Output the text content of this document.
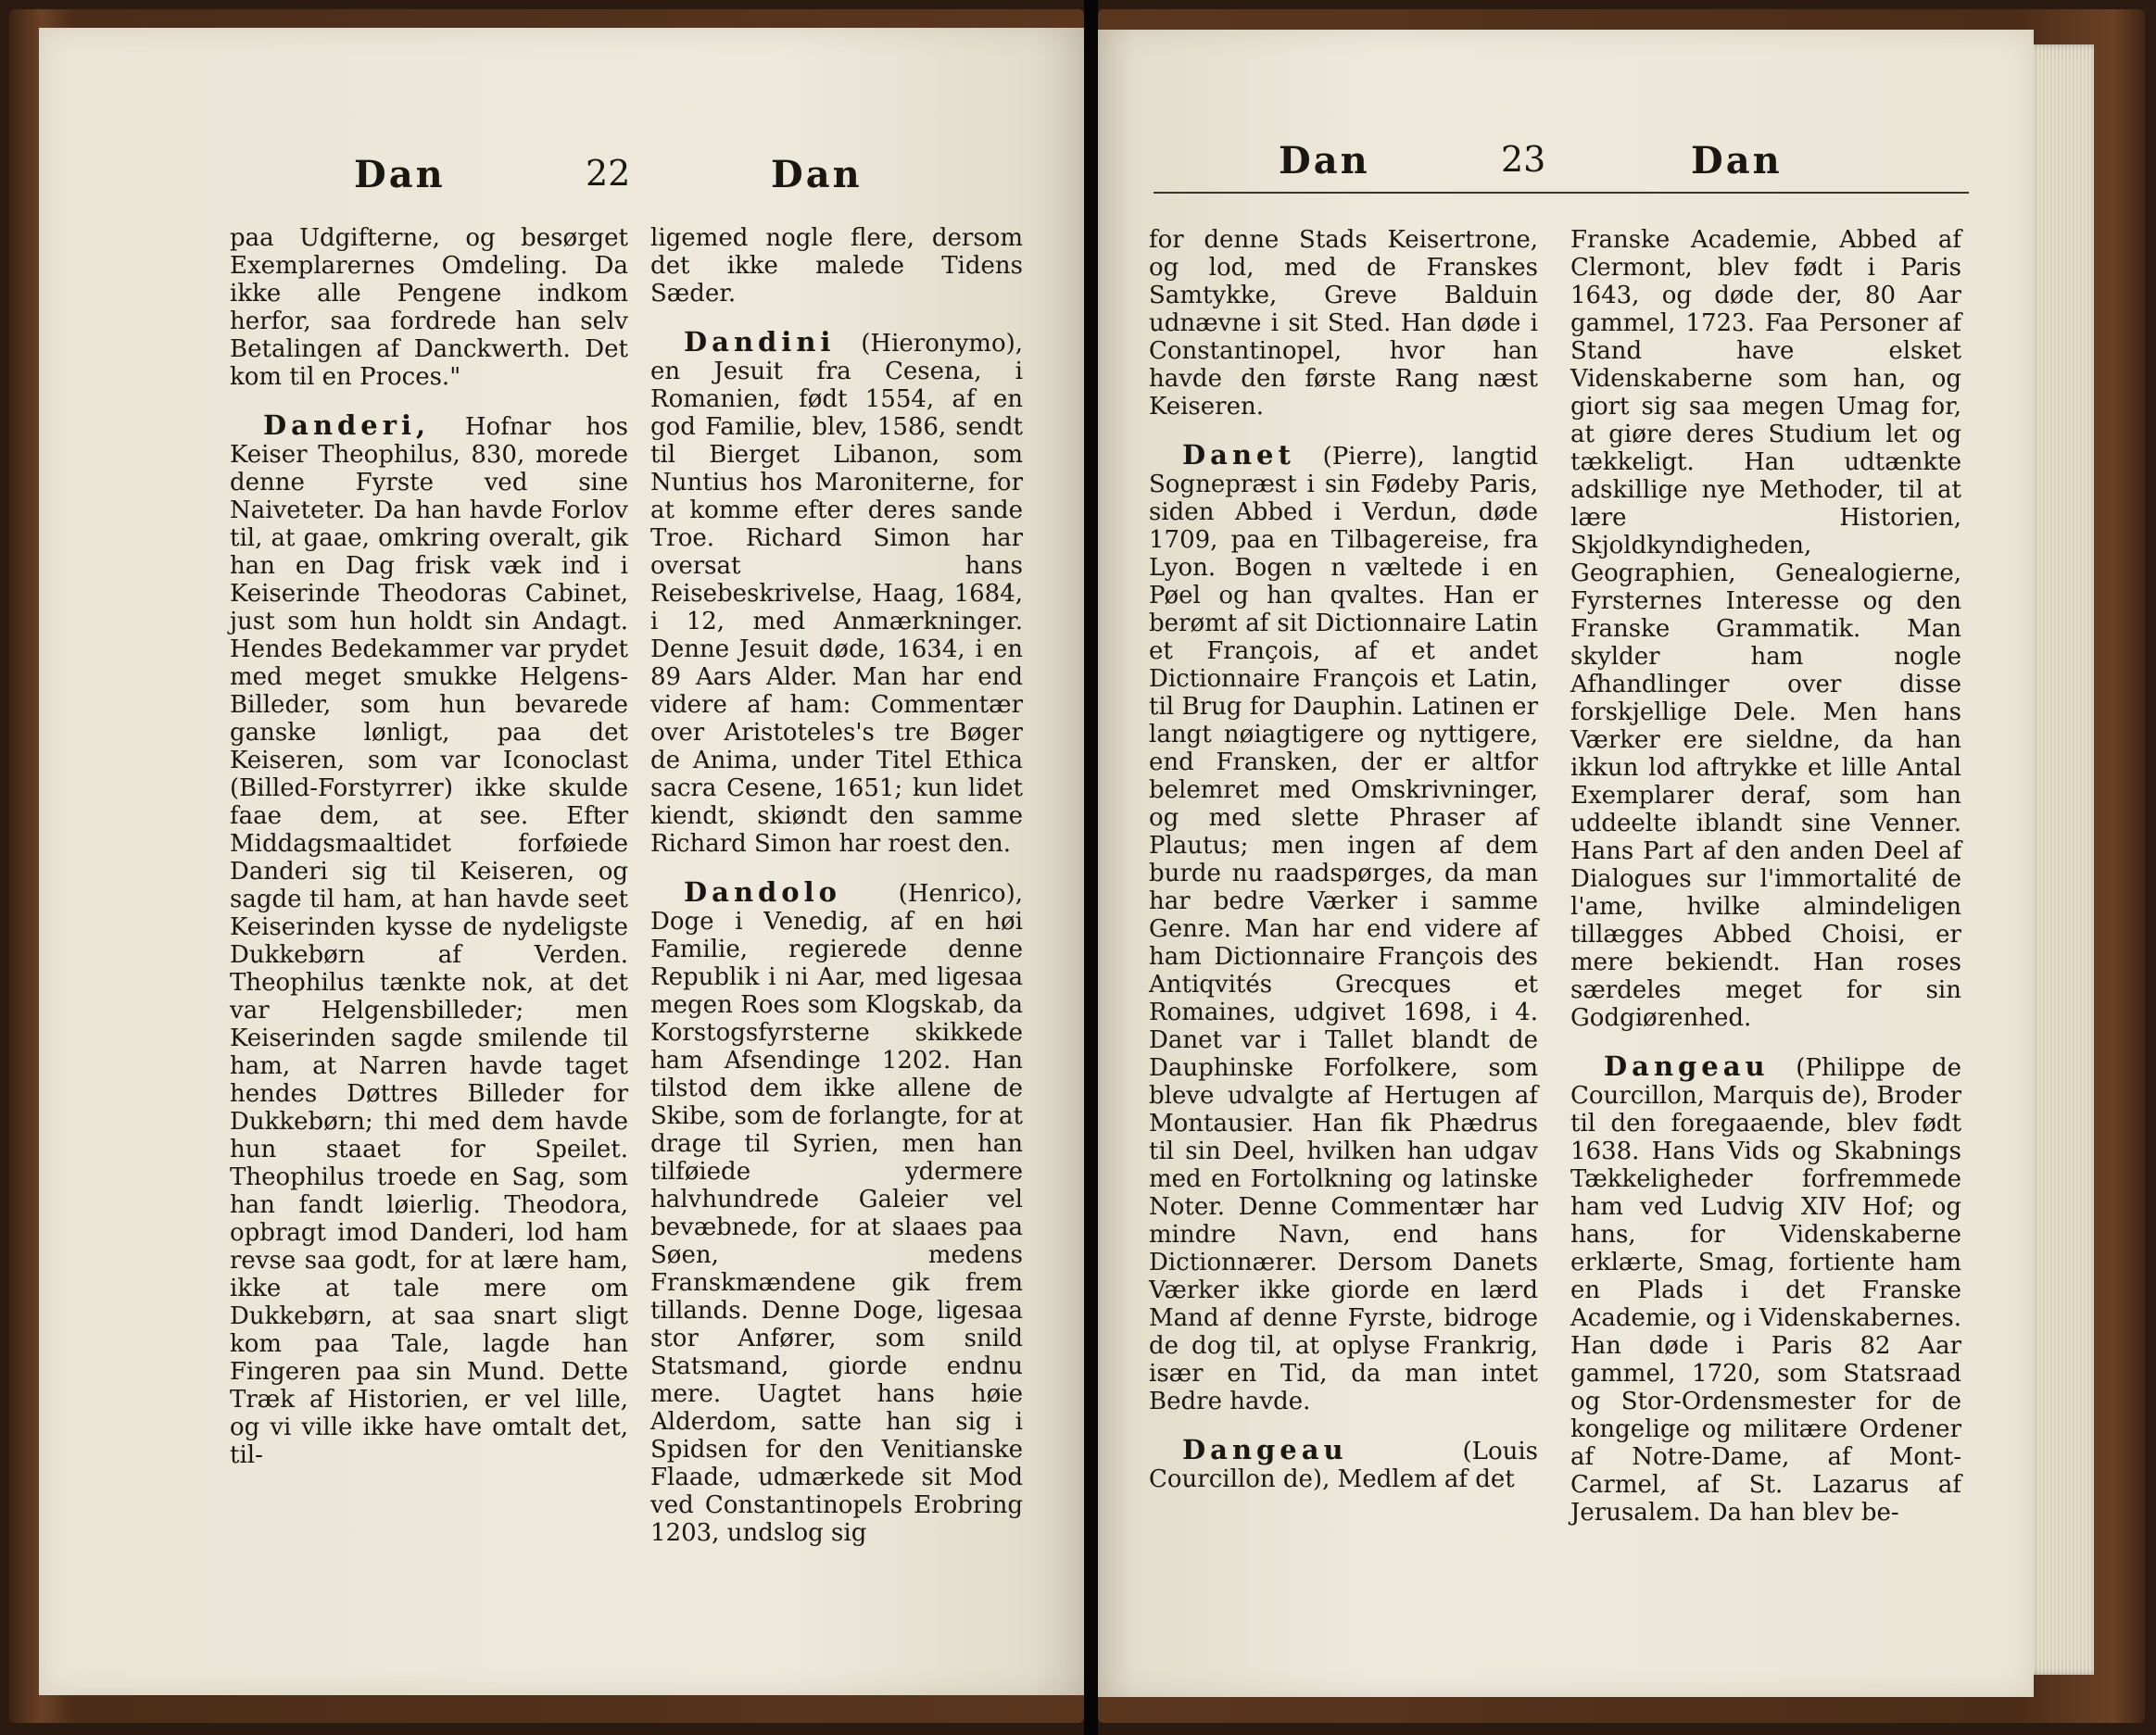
Dan	22	Dan

paa Udgifterne, og besørget Exemplarernes Omdeling. Da ikke alle Pengene indkom herfor, saa fordrede han selv Betalingen af Danckwerth. Det kom til en Proces."

Danderi, Hofnar hos Keiser Theophilus, 830, morede denne Fyrste ved sine Naiveteter. Da han havde Forlov til, at gaae, omkring overalt, gik han en Dag frisk væk ind i Keiserinde Theodoras Cabinet, just som hun holdt sin Andagt. Hendes Bedekammer var prydet med meget smukke Helgens-Billeder, som hun bevarede ganske lønligt, paa det Keiseren, som var Iconoclast (Billed-Forstyrrer) ikke skulde faae dem, at see. Efter Middagsmaaltidet forføiede Danderi sig til Keiseren, og sagde til ham, at han havde seet Keiserinden kysse de nydeligste Dukkebørn af Verden. Theophilus tænkte nok, at det var Helgensbilleder; men Keiserinden sagde smilende til ham, at Narren havde taget hendes Døttres Billeder for Dukkebørn; thi med dem havde hun staaet for Speilet. Theophilus troede en Sag, som han fandt løierlig. Theodora, opbragt imod Danderi, lod ham revse saa godt, for at lære ham, ikke at tale mere om Dukkebørn, at saa snart sligt kom paa Tale, lagde han Fingeren paa sin Mund. Dette Træk af Historien, er vel lille, og vi ville ikke have omtalt det, til-

ligemed nogle flere, dersom det ikke malede Tidens Sæder.

Dandini (Hieronymo), en Jesuit fra Cesena, i Romanien, født 1554, af en god Familie, blev, 1586, sendt til Bierget Libanon, som Nuntius hos Maroniterne, for at komme efter deres sande Troe. Richard Simon har oversat hans Reisebeskrivelse, Haag, 1684, i 12, med Anmærkninger. Denne Jesuit døde, 1634, i en 89 Aars Alder. Man har end videre af ham: Commentær over Aristoteles's tre Bøger de Anima, under Titel Ethica sacra Cesene, 1651; kun lidet kiendt, skiøndt den samme Richard Simon har roest den.

Dandolo (Henrico), Doge i Venedig, af en høi Familie, regierede denne Republik i ni Aar, med ligesaa megen Roes som Klogskab, da Korstogsfyrsterne skikkede ham Afsendinge 1202. Han tilstod dem ikke allene de Skibe, som de forlangte, for at drage til Syrien, men han tilføiede ydermere halvhundrede Galeier vel bevæbnede, for at slaaes paa Søen, medens Franskmændene gik frem tillands. Denne Doge, ligesaa stor Anfører, som snild Statsmand, giorde endnu mere. Uagtet hans høie Alderdom, satte han sig i Spidsen for den Venitianske Flaade, udmærkede sit Mod ved Constantinopels Erobring 1203, undslog sig

Dan	23	Dan

for denne Stads Keisertrone, og lod, med de Franskes Samtykke, Greve Balduin udnævne i sit Sted. Han døde i Constantinopel, hvor han havde den første Rang næst Keiseren.

Danet (Pierre), langtid Sognepræst i sin Fødeby Paris, siden Abbed i Verdun, døde 1709, paa en Tilbagereise, fra Lyon. Bogen n væltede i en Pøel og han qvaltes. Han er berømt af sit Dictionnaire Latin et François, af et andet Dictionnaire François et Latin, til Brug for Dauphin. Latinen er langt nøiagtigere og nyttigere, end Fransken, der er altfor belemret med Omskrivninger, og med slette Phraser af Plautus; men ingen af dem burde nu raadspørges, da man har bedre Værker i samme Genre. Man har end videre af ham Dictionnaire François des Antiqvités Grecques et Romaines, udgivet 1698, i 4. Danet var i Tallet blandt de Dauphinske Forfolkere, som bleve udvalgte af Hertugen af Montausier. Han fik Phædrus til sin Deel, hvilken han udgav med en Fortolkning og latinske Noter. Denne Commentær har mindre Navn, end hans Dictionnærer. Dersom Danets Værker ikke giorde en lærd Mand af denne Fyrste, bidroge de dog til, at oplyse Frankrig, især en Tid, da man intet Bedre havde.

Dangeau (Louis Courcillon de), Medlem af det

Franske Academie, Abbed af Clermont, blev født i Paris 1643, og døde der, 80 Aar gammel, 1723. Faa Personer af Stand have elsket Videnskaberne som han, og giort sig saa megen Umag for, at giøre deres Studium let og tækkeligt. Han udtænkte adskillige nye Methoder, til at lære Historien, Skjoldkyndigheden, Geographien, Genealogierne, Fyrsternes Interesse og den Franske Grammatik. Man skylder ham nogle Afhandlinger over disse forskjellige Dele. Men hans Værker ere sieldne, da han ikkun lod aftrykke et lille Antal Exemplarer deraf, som han uddeelte iblandt sine Venner. Hans Part af den anden Deel af Dialogues sur l'immortalité de l'ame, hvilke almindeligen tillægges Abbed Choisi, er mere bekiendt. Han roses særdeles meget for sin Godgiørenhed.

Dangeau (Philippe de Courcillon, Marquis de), Broder til den foregaaende, blev født 1638. Hans Vids og Skabnings Tækkeligheder forfremmede ham ved Ludvig XIV Hof; og hans, for Videnskaberne erklærte, Smag, fortiente ham en Plads i det Franske Academie, og i Videnskabernes. Han døde i Paris 82 Aar gammel, 1720, som Statsraad og Stor-Ordensmester for de kongelige og militære Ordener af Notre-Dame, af Mont-Carmel, af St. Lazarus af Jerusalem. Da han blev be-
